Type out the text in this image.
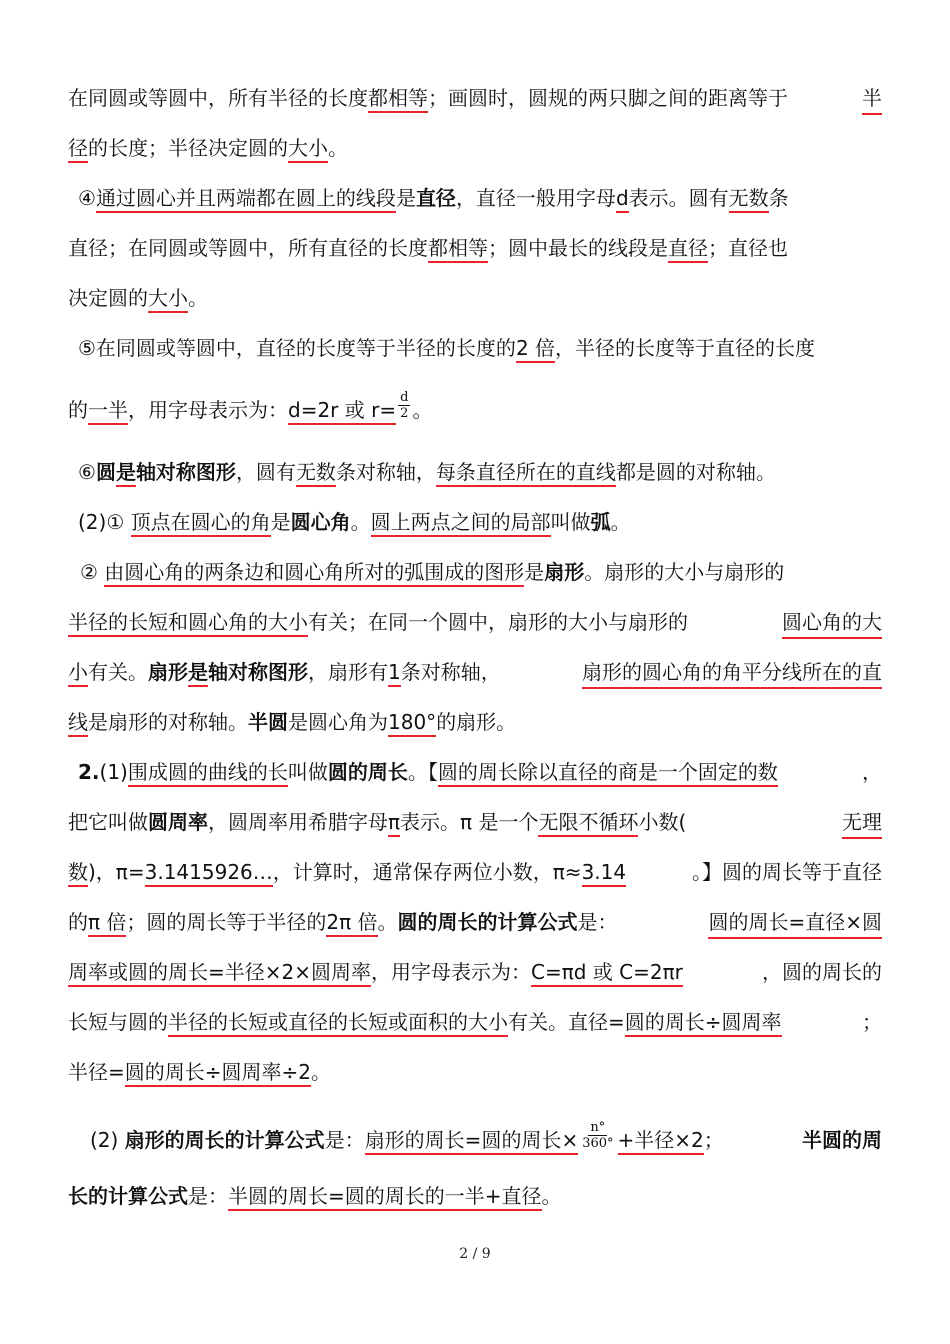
在同圆或等圆中，所有半径的长度都相等；画圆时，圆规的两只脚之间的距离等于	半
径的长度；半径决定圆的大小。
④通过圆心并且两端都在圆上的线段是直径，直径一般用字母d表示。圆有无数条
直径；在同圆或等圆中，所有直径的长度都相等；圆中最长的线段是直径；直径也
决定圆的大小。
⑤在同圆或等圆中，直径的长度等于半径的长度的2 倍，半径的长度等于直径的长度
的一半，用字母表示为：d=2r 或 $r= \frac{d}{2}$ 。
⑥圆是轴对称图形，圆有无数条对称轴，每条直径所在的直线都是圆的对称轴。
(2)① 顶点在圆心的角是圆心角。圆上两点之间的局部叫做弧。
② 由圆心角的两条边和圆心角所对的弧围成的图形是扇形。扇形的大小与扇形的
半径的长短和圆心角的大小有关；在同一个圆中，扇形的大小与扇形的	圆心角的大
小有关。扇形是轴对称图形，扇形有1条对称轴，	扇形的圆心角的角平分线所在的直
线是扇形的对称轴。半圆是圆心角为180°的扇形。
2.(1)围成圆的曲线的长叫做圆的周长。【圆的周长除以直径的商是一个固定的数	，
把它叫做圆周率，圆周率用希腊字母π表示。π 是一个无限不循环小数(	无理
数)，π=3.1415926…，计算时，通常保存两位小数，π≈3.14	。】圆的周长等于直径
的π 倍；圆的周长等于半径的2π 倍。圆的周长的计算公式是：	圆的周长=直径×圆
周率或圆的周长=半径×2×圆周率，用字母表示为：C=πd 或 C=2πr	，圆的周长的
长短与圆的半径的长短或直径的长短或面积的大小有关。直径=圆的周长÷圆周率	；
半径=圆的周长÷圆周率÷2。
(2) 扇形的周长的计算公式是：扇形的周长=圆的周长× $\frac{n^\circ}{360^\circ}$ +半径×2；	半圆的周
长的计算公式是：半圆的周长=圆的周长的一半+直径。
2 / 9
